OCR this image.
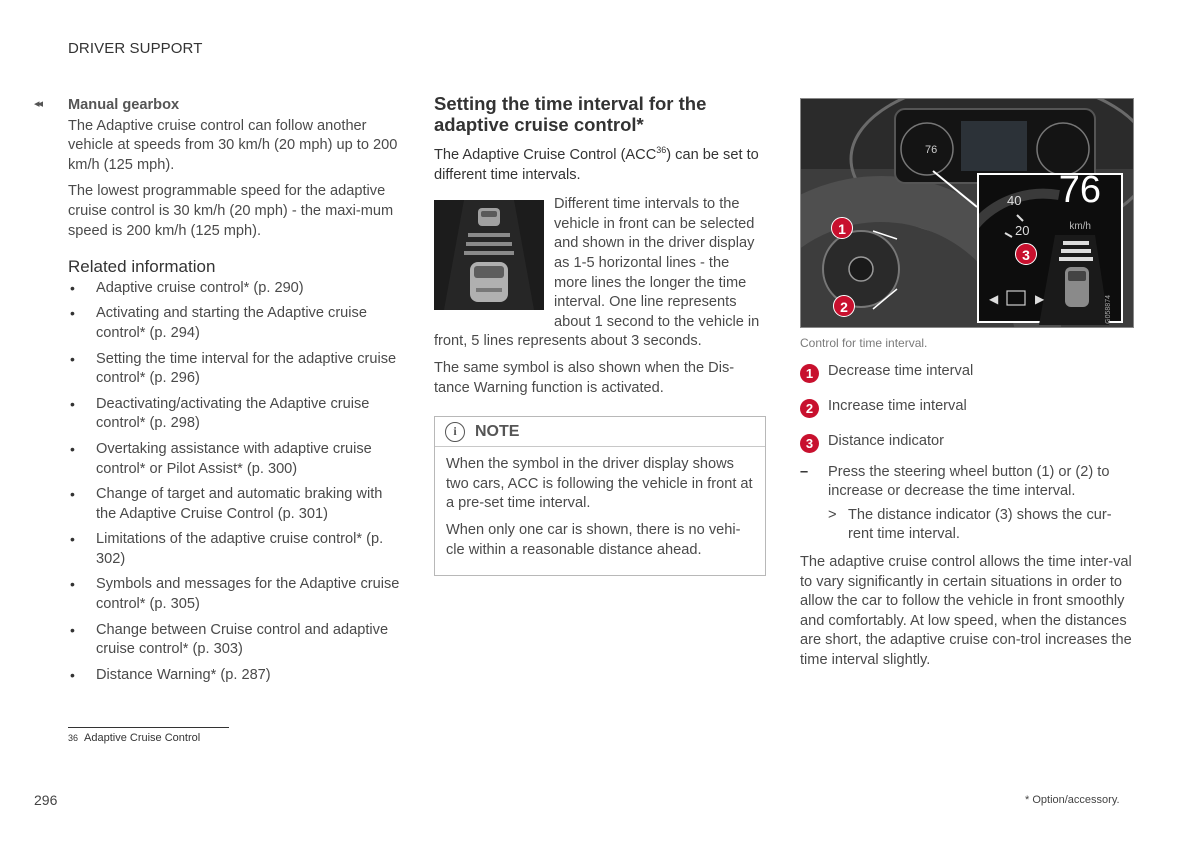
DRIVER SUPPORT
◂◂ Manual gearbox

The Adaptive cruise control can follow another vehicle at speeds from 30 km/h (20 mph) up to 200 km/h (125 mph).

The lowest programmable speed for the adaptive cruise control is 30 km/h (20 mph) - the maxi-mum speed is 200 km/h (125 mph).

Related information
• Adaptive cruise control* (p. 290)
• Activating and starting the Adaptive cruise control* (p. 294)
• Setting the time interval for the adaptive cruise control* (p. 296)
• Deactivating/activating the Adaptive cruise control* (p. 298)
• Overtaking assistance with adaptive cruise control* or Pilot Assist* (p. 300)
• Change of target and automatic braking with the Adaptive Cruise Control (p. 301)
• Limitations of the adaptive cruise control* (p. 302)
• Symbols and messages for the Adaptive cruise control* (p. 305)
• Change between Cruise control and adaptive cruise control* (p. 303)
• Distance Warning* (p. 287)
Setting the time interval for the adaptive cruise control*

The Adaptive Cruise Control (ACC$^{36}$) can be set to different time intervals.

Different time intervals to the vehicle in front can be selected and shown in the driver display as 1-5 horizontal lines - the more lines the longer the time interval. One line represents about 1 second to the vehicle in front, 5 lines represents about 3 seconds.

The same symbol is also shown when the Dis-tance Warning function is activated.

i	NOTE

When the symbol in the driver display shows two cars, ACC is following the vehicle in front at a pre-set time interval.

When only one car is shown, there is no vehi-cle within a reasonable distance ahead.

◀	▶
76
km/h
40
20
G058874
76
1
2
3
Control for time interval.
1	Decrease time interval
2	Increase time interval
3	Distance indicator
–	Press the steering wheel button (1) or (2) to increase or decrease the time interval.
> The distance indicator (3) shows the cur-rent time interval.

The adaptive cruise control allows the time inter-val to vary significantly in certain situations in order to allow the car to follow the vehicle in front smoothly and comfortably. At low speed, when the distances are short, the adaptive cruise con-trol increases the time interval slightly.

36 Adaptive Cruise Control
296	* Option/accessory.
